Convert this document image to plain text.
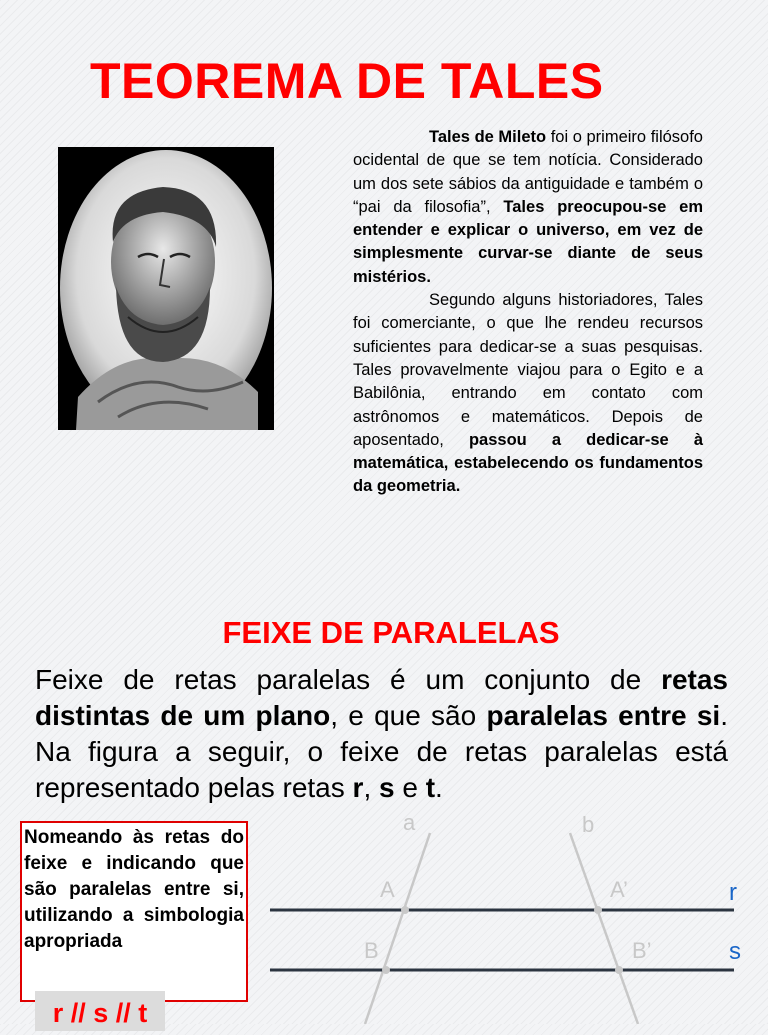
TEOREMA DE TALES

Tales de Mileto foi o primeiro filósofo ocidental de que se tem notícia. Considerado um dos sete sábios da antiguidade e também o “pai da filosofia”, Tales preocupou-se em entender e explicar o universo, em vez de simplesmente curvar-se diante de seus mistérios.

Segundo alguns historiadores, Tales foi comerciante, o que lhe rendeu recursos suficientes para dedicar-se a suas pesquisas. Tales provavelmente viajou para o Egito e a Babilônia, entrando em contato com astrônomos e matemáticos. Depois de aposentado, passou a dedicar-se à matemática, estabelecendo os fundamentos da geometria.

FEIXE DE PARALELAS

Feixe de retas paralelas é um conjunto de retas distintas de um plano, e que são paralelas entre si. Na figura a seguir, o feixe de retas paralelas está representado pelas retas r, s e t.

Nomeando às retas do feixe e indicando que são paralelas entre si, utilizando a simbologia apropriada
r // s // t
a	b
A	A’
B	B’
r
s
